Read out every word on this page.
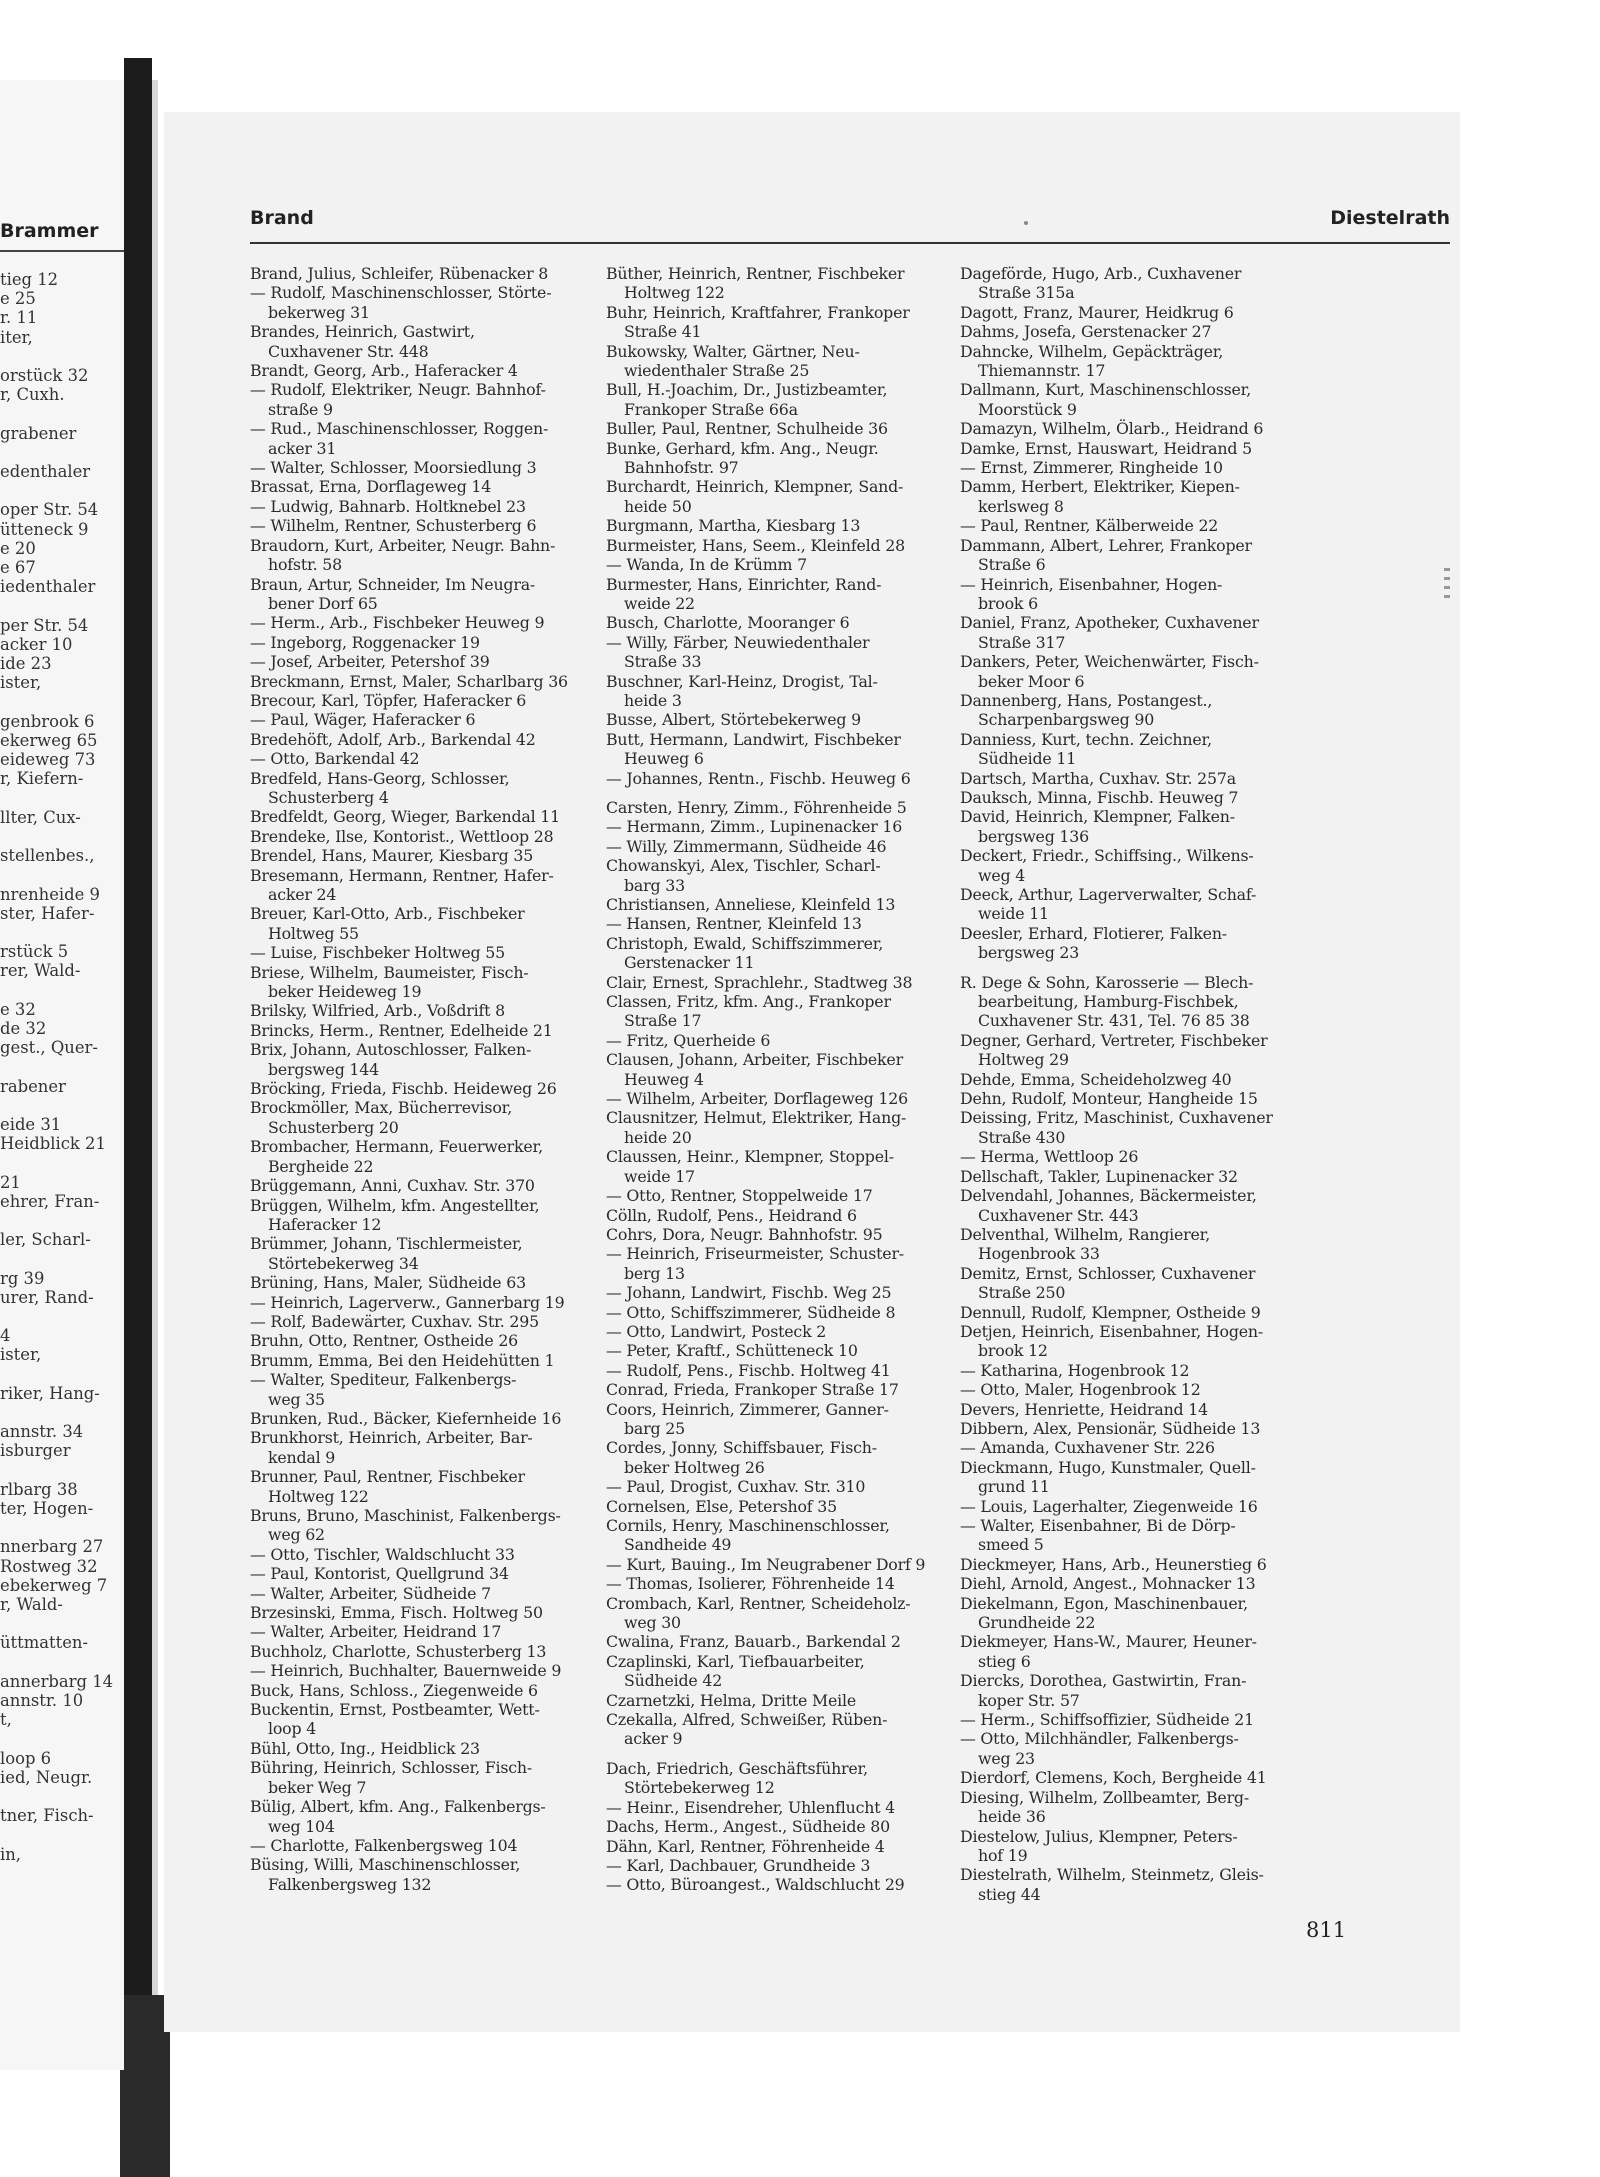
Brammer
tieg 12
e 25
r. 11
iter,

orstück 32
r, Cuxh.

grabener

edenthaler

oper Str. 54
ütteneck 9
e 20
e 67
iedenthaler

per Str. 54
acker 10
ide 23
ister,

genbrook 6
ekerweg 65
eideweg 73
r, Kiefern-

llter, Cux-

stellenbes.,

nrenheide 9
ster, Hafer-

rstück 5
rer, Wald-

e 32
de 32
gest., Quer-

rabener

eide 31
Heidblick 21

21
ehrer, Fran-

ler, Scharl-

rg 39
urer, Rand-

4
ister,

riker, Hang-

annstr. 34
isburger

rlbarg 38
ter, Hogen-

nnerbarg 27
Rostweg 32
ebekerweg 7
r, Wald-

üttmatten-

annerbarg 14
annstr. 10
t,

loop 6
ied, Neugr.

tner, Fisch-

in,
Brand	Diestelrath
Brand, Julius, Schleifer, Rübenacker 8
— Rudolf, Maschinenschlosser, Störte-
bekerweg 31
Brandes, Heinrich, Gastwirt,
Cuxhavener Str. 448
Brandt, Georg, Arb., Haferacker 4
— Rudolf, Elektriker, Neugr. Bahnhof-
straße 9
— Rud., Maschinenschlosser, Roggen-
acker 31
— Walter, Schlosser, Moorsiedlung 3
Brassat, Erna, Dorflageweg 14
— Ludwig, Bahnarb. Holtknebel 23
— Wilhelm, Rentner, Schusterberg 6
Braudorn, Kurt, Arbeiter, Neugr. Bahn-
hofstr. 58
Braun, Artur, Schneider, Im Neugra-
bener Dorf 65
— Herm., Arb., Fischbeker Heuweg 9
— Ingeborg, Roggenacker 19
— Josef, Arbeiter, Petershof 39
Breckmann, Ernst, Maler, Scharlbarg 36
Brecour, Karl, Töpfer, Haferacker 6
— Paul, Wäger, Haferacker 6
Bredehöft, Adolf, Arb., Barkendal 42
— Otto, Barkendal 42
Bredfeld, Hans-Georg, Schlosser,
Schusterberg 4
Bredfeldt, Georg, Wieger, Barkendal 11
Brendeke, Ilse, Kontorist., Wettloop 28
Brendel, Hans, Maurer, Kiesbarg 35
Bresemann, Hermann, Rentner, Hafer-
acker 24
Breuer, Karl-Otto, Arb., Fischbeker
Holtweg 55
— Luise, Fischbeker Holtweg 55
Briese, Wilhelm, Baumeister, Fisch-
beker Heideweg 19
Brilsky, Wilfried, Arb., Voßdrift 8
Brincks, Herm., Rentner, Edelheide 21
Brix, Johann, Autoschlosser, Falken-
bergsweg 144
Bröcking, Frieda, Fischb. Heideweg 26
Brockmöller, Max, Bücherrevisor,
Schusterberg 20
Brombacher, Hermann, Feuerwerker,
Bergheide 22
Brüggemann, Anni, Cuxhav. Str. 370
Brüggen, Wilhelm, kfm. Angestellter,
Haferacker 12
Brümmer, Johann, Tischlermeister,
Störtebekerweg 34
Brüning, Hans, Maler, Südheide 63
— Heinrich, Lagerverw., Gannerbarg 19
— Rolf, Badewärter, Cuxhav. Str. 295
Bruhn, Otto, Rentner, Ostheide 26
Brumm, Emma, Bei den Heidehütten 1
— Walter, Spediteur, Falkenbergs-
weg 35
Brunken, Rud., Bäcker, Kiefernheide 16
Brunkhorst, Heinrich, Arbeiter, Bar-
kendal 9
Brunner, Paul, Rentner, Fischbeker
Holtweg 122
Bruns, Bruno, Maschinist, Falkenbergs-
weg 62
— Otto, Tischler, Waldschlucht 33
— Paul, Kontorist, Quellgrund 34
— Walter, Arbeiter, Südheide 7
Brzesinski, Emma, Fisch. Holtweg 50
— Walter, Arbeiter, Heidrand 17
Buchholz, Charlotte, Schusterberg 13
— Heinrich, Buchhalter, Bauernweide 9
Buck, Hans, Schloss., Ziegenweide 6
Buckentin, Ernst, Postbeamter, Wett-
loop 4
Bühl, Otto, Ing., Heidblick 23
Bühring, Heinrich, Schlosser, Fisch-
beker Weg 7
Bülig, Albert, kfm. Ang., Falkenbergs-
weg 104
— Charlotte, Falkenbergsweg 104
Büsing, Willi, Maschinenschlosser,
Falkenbergsweg 132
Büther, Heinrich, Rentner, Fischbeker
Holtweg 122
Buhr, Heinrich, Kraftfahrer, Frankoper
Straße 41
Bukowsky, Walter, Gärtner, Neu-
wiedenthaler Straße 25
Bull, H.-Joachim, Dr., Justizbeamter,
Frankoper Straße 66a
Buller, Paul, Rentner, Schulheide 36
Bunke, Gerhard, kfm. Ang., Neugr.
Bahnhofstr. 97
Burchardt, Heinrich, Klempner, Sand-
heide 50
Burgmann, Martha, Kiesbarg 13
Burmeister, Hans, Seem., Kleinfeld 28
— Wanda, In de Krümm 7
Burmester, Hans, Einrichter, Rand-
weide 22
Busch, Charlotte, Mooranger 6
— Willy, Färber, Neuwiedenthaler
Straße 33
Buschner, Karl-Heinz, Drogist, Tal-
heide 3
Busse, Albert, Störtebekerweg 9
Butt, Hermann, Landwirt, Fischbeker
Heuweg 6
— Johannes, Rentn., Fischb. Heuweg 6
Carsten, Henry, Zimm., Föhrenheide 5
— Hermann, Zimm., Lupinenacker 16
— Willy, Zimmermann, Südheide 46
Chowanskyi, Alex, Tischler, Scharl-
barg 33
Christiansen, Anneliese, Kleinfeld 13
— Hansen, Rentner, Kleinfeld 13
Christoph, Ewald, Schiffszimmerer,
Gerstenacker 11
Clair, Ernest, Sprachlehr., Stadtweg 38
Classen, Fritz, kfm. Ang., Frankoper
Straße 17
— Fritz, Querheide 6
Clausen, Johann, Arbeiter, Fischbeker
Heuweg 4
— Wilhelm, Arbeiter, Dorflageweg 126
Clausnitzer, Helmut, Elektriker, Hang-
heide 20
Claussen, Heinr., Klempner, Stoppel-
weide 17
— Otto, Rentner, Stoppelweide 17
Cölln, Rudolf, Pens., Heidrand 6
Cohrs, Dora, Neugr. Bahnhofstr. 95
— Heinrich, Friseurmeister, Schuster-
berg 13
— Johann, Landwirt, Fischb. Weg 25
— Otto, Schiffszimmerer, Südheide 8
— Otto, Landwirt, Posteck 2
— Peter, Kraftf., Schütteneck 10
— Rudolf, Pens., Fischb. Holtweg 41
Conrad, Frieda, Frankoper Straße 17
Coors, Heinrich, Zimmerer, Ganner-
barg 25
Cordes, Jonny, Schiffsbauer, Fisch-
beker Holtweg 26
— Paul, Drogist, Cuxhav. Str. 310
Cornelsen, Else, Petershof 35
Cornils, Henry, Maschinenschlosser,
Sandheide 49
— Kurt, Bauing., Im Neugrabener Dorf 9
— Thomas, Isolierer, Föhrenheide 14
Crombach, Karl, Rentner, Scheideholz-
weg 30
Cwalina, Franz, Bauarb., Barkendal 2
Czaplinski, Karl, Tiefbauarbeiter,
Südheide 42
Czarnetzki, Helma, Dritte Meile
Czekalla, Alfred, Schweißer, Rüben-
acker 9
Dach, Friedrich, Geschäftsführer,
Störtebekerweg 12
— Heinr., Eisendreher, Uhlenflucht 4
Dachs, Herm., Angest., Südheide 80
Dähn, Karl, Rentner, Föhrenheide 4
— Karl, Dachbauer, Grundheide 3
— Otto, Büroangest., Waldschlucht 29
Dageförde, Hugo, Arb., Cuxhavener
Straße 315a
Dagott, Franz, Maurer, Heidkrug 6
Dahms, Josefa, Gerstenacker 27
Dahncke, Wilhelm, Gepäckträger,
Thiemannstr. 17
Dallmann, Kurt, Maschinenschlosser,
Moorstück 9
Damazyn, Wilhelm, Ölarb., Heidrand 6
Damke, Ernst, Hauswart, Heidrand 5
— Ernst, Zimmerer, Ringheide 10
Damm, Herbert, Elektriker, Kiepen-
kerlsweg 8
— Paul, Rentner, Kälberweide 22
Dammann, Albert, Lehrer, Frankoper
Straße 6
— Heinrich, Eisenbahner, Hogen-
brook 6
Daniel, Franz, Apotheker, Cuxhavener
Straße 317
Dankers, Peter, Weichenwärter, Fisch-
beker Moor 6
Dannenberg, Hans, Postangest.,
Scharpenbargsweg 90
Danniess, Kurt, techn. Zeichner,
Südheide 11
Dartsch, Martha, Cuxhav. Str. 257a
Dauksch, Minna, Fischb. Heuweg 7
David, Heinrich, Klempner, Falken-
bergsweg 136
Deckert, Friedr., Schiffsing., Wilkens-
weg 4
Deeck, Arthur, Lagerverwalter, Schaf-
weide 11
Deesler, Erhard, Flotierer, Falken-
bergsweg 23
R. Dege & Sohn, Karosserie — Blech-
bearbeitung, Hamburg-Fischbek,
Cuxhavener Str. 431, Tel. 76 85 38
Degner, Gerhard, Vertreter, Fischbeker
Holtweg 29
Dehde, Emma, Scheideholzweg 40
Dehn, Rudolf, Monteur, Hangheide 15
Deissing, Fritz, Maschinist, Cuxhavener
Straße 430
— Herma, Wettloop 26
Dellschaft, Takler, Lupinenacker 32
Delvendahl, Johannes, Bäckermeister,
Cuxhavener Str. 443
Delventhal, Wilhelm, Rangierer,
Hogenbrook 33
Demitz, Ernst, Schlosser, Cuxhavener
Straße 250
Dennull, Rudolf, Klempner, Ostheide 9
Detjen, Heinrich, Eisenbahner, Hogen-
brook 12
— Katharina, Hogenbrook 12
— Otto, Maler, Hogenbrook 12
Devers, Henriette, Heidrand 14
Dibbern, Alex, Pensionär, Südheide 13
— Amanda, Cuxhavener Str. 226
Dieckmann, Hugo, Kunstmaler, Quell-
grund 11
— Louis, Lagerhalter, Ziegenweide 16
— Walter, Eisenbahner, Bi de Dörp-
smeed 5
Dieckmeyer, Hans, Arb., Heunerstieg 6
Diehl, Arnold, Angest., Mohnacker 13
Diekelmann, Egon, Maschinenbauer,
Grundheide 22
Diekmeyer, Hans-W., Maurer, Heuner-
stieg 6
Diercks, Dorothea, Gastwirtin, Fran-
koper Str. 57
— Herm., Schiffsoffizier, Südheide 21
— Otto, Milchhändler, Falkenbergs-
weg 23
Dierdorf, Clemens, Koch, Bergheide 41
Diesing, Wilhelm, Zollbeamter, Berg-
heide 36
Diestelow, Julius, Klempner, Peters-
hof 19
Diestelrath, Wilhelm, Steinmetz, Gleis-
stieg 44
811
